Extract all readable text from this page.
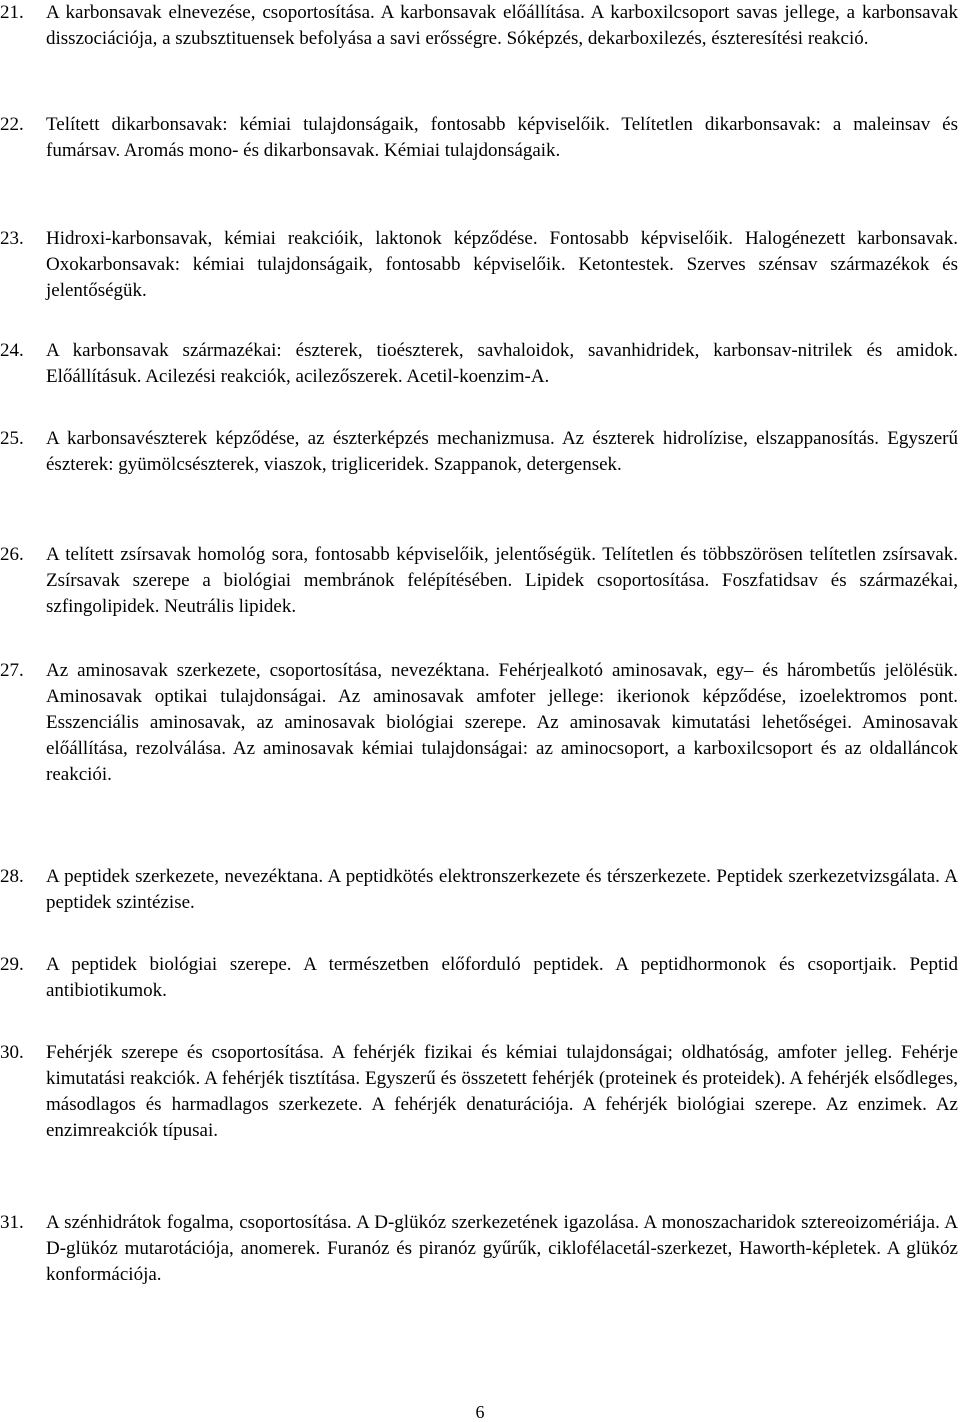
21. A karbonsavak elnevezése, csoportosítása. A karbonsavak előállítása. A karboxilcsoport savas jellege, a karbonsavak disszociációja, a szubsztituensek befolyása a savi erősségre. Sóképzés, dekarboxilezés, észteresítési reakció.
22. Telített dikarbonsavak: kémiai tulajdonságaik, fontosabb képviselőik. Telítetlen dikarbonsavak: a maleinsav és fumársav. Aromás mono- és dikarbonsavak. Kémiai tulajdonságaik.
23. Hidroxi-karbonsavak, kémiai reakcióik, laktonok képződése. Fontosabb képviselőik. Halogénezett karbonsavak. Oxokarbonsavak: kémiai tulajdonságaik, fontosabb képviselőik. Ketontestek. Szerves szénsav származékok és jelentőségük.
24. A karbonsavak származékai: észterek, tioészterek, savhaloidok, savanhidridek, karbonsav-nitrilek és amidok. Előállításuk. Acilezési reakciók, acilezőszerek. Acetil-koenzim-A.
25. A karbonsavészterek képződése, az észterképzés mechanizmusa. Az észterek hidrolízise, elszappanosítás. Egyszerű észterek: gyümölcsészterek, viaszok, trigliceridek. Szappanok, detergensek.
26. A telített zsírsavak homológ sora, fontosabb képviselőik, jelentőségük. Telítetlen és többszörösen telítetlen zsírsavak. Zsírsavak szerepe a biológiai membránok felépítésében. Lipidek csoportosítása. Foszfatidsav és származékai, szfingolipidek. Neutrális lipidek.
27. Az aminosavak szerkezete, csoportosítása, nevezéktana. Fehérjealkotó aminosavak, egy– és hárombetűs jelölésük. Aminosavak optikai tulajdonságai. Az aminosavak amfoter jellege: ikerionok képződése, izoelektromos pont. Esszenciális aminosavak, az aminosavak biológiai szerepe. Az aminosavak kimutatási lehetőségei. Aminosavak előállítása, rezolválása. Az aminosavak kémiai tulajdonságai: az aminocsoport, a karboxilcsoport és az oldalláncok reakciói.
28. A peptidek szerkezete, nevezéktana. A peptidkötés elektronszerkezete és térszerkezete. Peptidek szerkezetvizsgálata. A peptidek szintézise.
29. A peptidek biológiai szerepe. A természetben előforduló peptidek. A peptidhormonok és csoportjaik. Peptid antibiotikumok.
30. Fehérjék szerepe és csoportosítása. A fehérjék fizikai és kémiai tulajdonságai; oldhatóság, amfoter jelleg. Fehérje kimutatási reakciók. A fehérjék tisztítása. Egyszerű és összetett fehérjék (proteinek és proteidek). A fehérjék elsődleges, másodlagos és harmadlagos szerkezete. A fehérjék denaturációja. A fehérjék biológiai szerepe. Az enzimek. Az enzimreakciók típusai.
31. A szénhidrátok fogalma, csoportosítása. A D-glükóz szerkezetének igazolása. A monoszacharidok sztereoizomériája. A D-glükóz mutarotációja, anomerek. Furanóz és piranóz gyűrűk, ciklofélacetál-szerkezet, Haworth-képletek. A glükóz konformációja.
6
